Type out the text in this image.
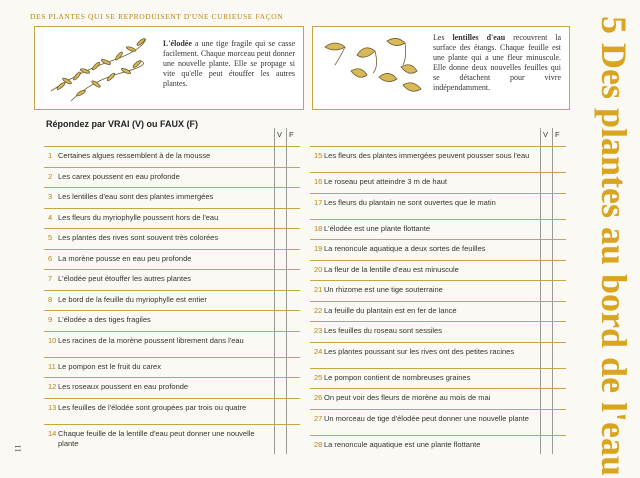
DES PLANTES QUI SE REPRODUISENT D'UNE CURIEUSE FAÇON
L'élodée a une tige fragile qui se casse facilement. Chaque morceau peut donner une nouvelle plante. Elle se propage si vite qu'elle peut étouffer les autres plantes.
Les lentilles d'eau recouvrent la surface des étangs. Chaque feuille est une plante qui a une fleur minuscule. Elle donne deux nouvelles feuilles qui se détachent pour vivre indépendamment.
Répondez par VRAI (V) ou FAUX (F)
V F
1 Certaines algues ressemblent à de la mousse
2 Les carex poussent en eau profonde
3 Les lentilles d'eau sont des plantes immergées
4 Les fleurs du myriophylle poussent hors de l'eau
5 Les plantes des rives sont souvent très colorées
6 La morène pousse en eau peu profonde
7 L'élodée peut étouffer les autres plantes
8 Le bord de la feuille du myriophylle est entier
9 L'élodée a des tiges fragiles
10 Les racines de la morène poussent librement dans l'eau
11 Le pompon est le fruit du carex
12 Les roseaux poussent en eau profonde
13 Les feuilles de l'élodée sont groupées par trois ou quatre
14 Chaque feuille de la lentille d'eau peut donner une nouvelle plante
V F
15 Les fleurs des plantes immergées peuvent pousser sous l'eau
16 Le roseau peut atteindre 3 m de haut
17 Les fleurs du plantain ne sont ouvertes que le matin
18 L'élodée est une plante flottante
19 La renoncule aquatique a deux sortes de feuilles
20 La fleur de la lentille d'eau est minuscule
21 Un rhizome est une tige souterraine
22 La feuille du plantain est en fer de lance
23 Les feuilles du roseau sont sessiles
24 Les plantes poussant sur les rives ont des petites racines
25 Le pompon contient de nombreuses graines
26 On peut voir des fleurs de morène au mois de mai
27 Un morceau de tige d'élodée peut donner une nouvelle plante
28 La renoncule aquatique est une plante flottante	5 Des plantes au bord de l'eau
11
